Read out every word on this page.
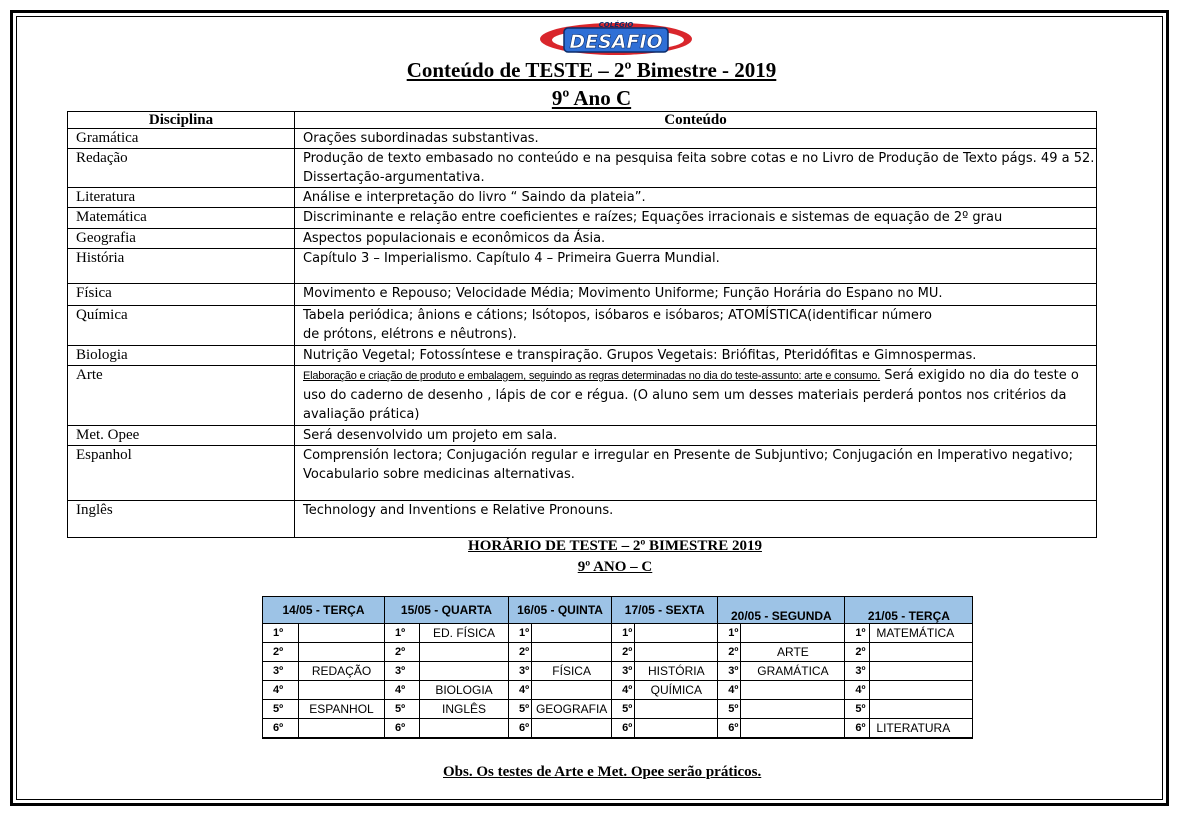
DESAFIO
COLÉGIO
Conteúdo de TESTE – 2º Bimestre - 2019
9º Ano C
Disciplina	Conteúdo
Gramática	Orações subordinadas substantivas.
Redação	Produção de texto embasado no conteúdo e na pesquisa feita sobre cotas e no Livro de Produção de Texto págs. 49 a 52. Dissertação-argumentativa.
Literatura	Análise e interpretação do livro “ Saindo da plateia”.
Matemática	Discriminante e relação entre coeficientes e raízes; Equações irracionais e sistemas de equação de 2º grau
Geografia	Aspectos populacionais e econômicos da Ásia.
História	Capítulo 3 – Imperialismo. Capítulo 4 – Primeira Guerra Mundial.
Física	Movimento e Repouso; Velocidade Média; Movimento Uniforme; Função Horária do Espano no MU.
Química	Tabela periódica; ânions e cátions; Isótopos, isóbaros e isóbaros; ATOMÍSTICA(identificar número
de prótons, elétrons e nêutrons).
Biologia	Nutrição Vegetal; Fotossíntese e transpiração. Grupos Vegetais: Briófitas, Pteridófitas e Gimnospermas.
Arte	Elaboração e criação de produto e embalagem, seguindo as regras determinadas no dia do teste-assunto: arte e consumo. Será exigido no dia do teste o uso do caderno de desenho , lápis de cor e régua. (O aluno sem um desses materiais perderá pontos nos critérios da avaliação prática)
Met. Opee	Será desenvolvido um projeto em sala.
Espanhol	Comprensión lectora; Conjugación regular e irregular en Presente de Subjuntivo; Conjugación en Imperativo negativo; Vocabulario sobre medicinas alternativas.
Inglês	Technology and Inventions e Relative Pronouns.
HORÁRIO DE TESTE – 2º BIMESTRE 2019
9º ANO – C
14/05 - TERÇA		15/05 - QUARTA		16/05 - QUINTA		17/05 - SEXTA		20/05 - SEGUNDA		21/05 - TERÇA	
1º		1º	ED. FÍSICA	1º		1º		1º		1º	MATEMÁTICA
2º		2º		2º		2º		2º	ARTE	2º	
3º	REDAÇÃO	3º		3º	FÍSICA	3º	HISTÓRIA	3º	GRAMÁTICA	3º	
4º		4º	BIOLOGIA	4º		4º	QUÍMICA	4º		4º	
5º	ESPANHOL	5º	INGLÊS	5º	GEOGRAFIA	5º		5º		5º	
6º		6º		6º		6º		6º		6º	LITERATURA
Obs. Os testes de Arte e Met. Opee serão práticos.
